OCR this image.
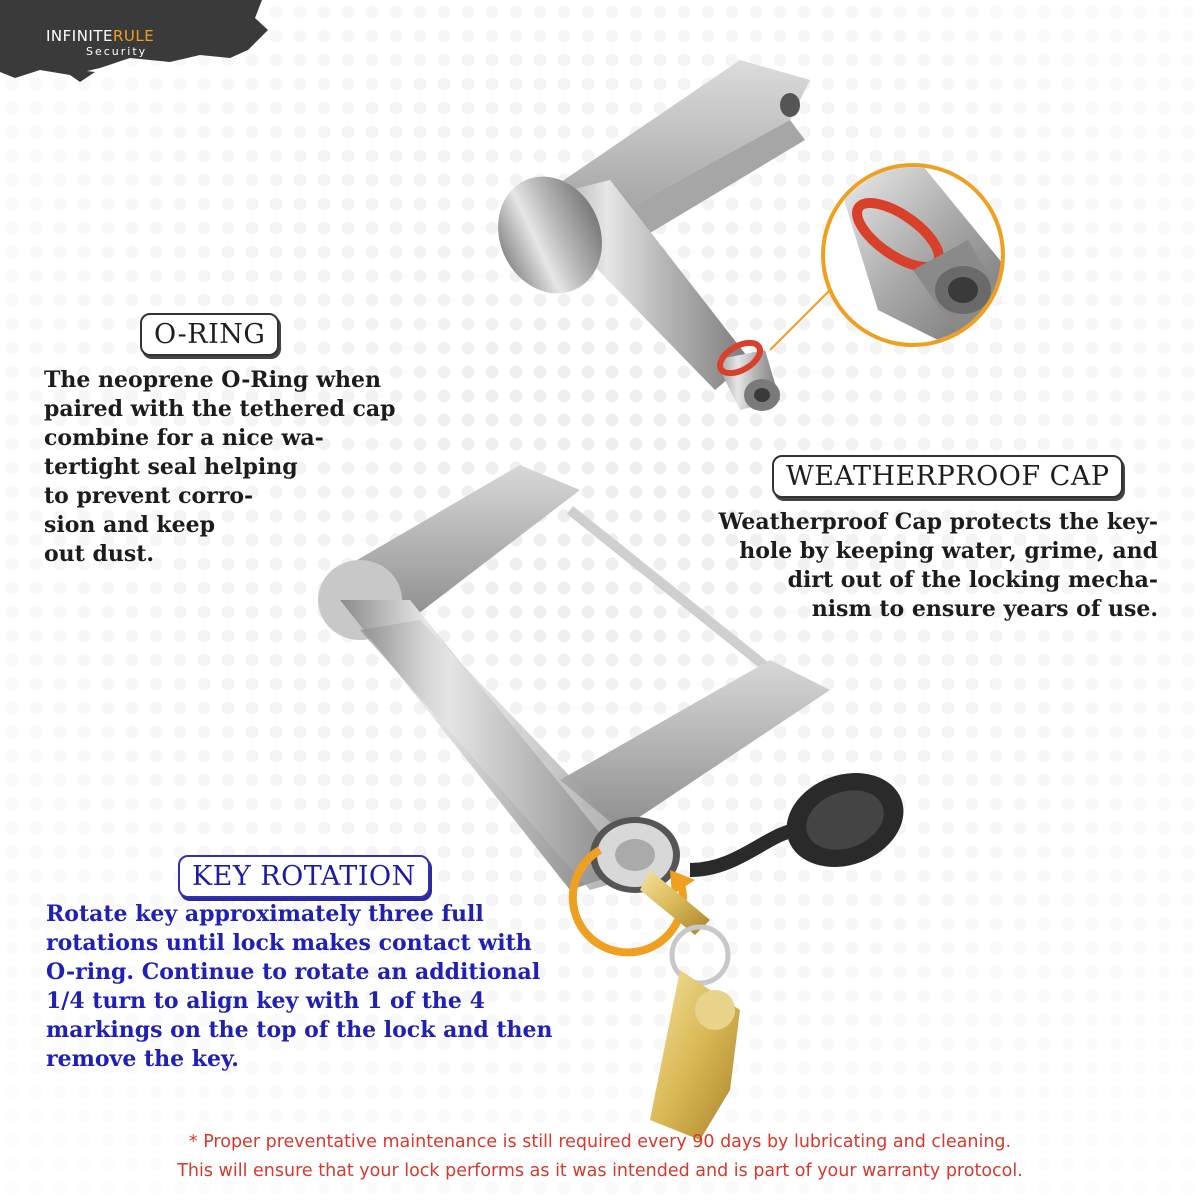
INFINITERULE
Security
O-RING
The neoprene O-Ring when
paired with the tethered cap
combine for a nice wa-
tertight seal helping
to prevent corro-
sion and keep
out dust.
WEATHERPROOF CAP
Weatherproof Cap protects the key-
hole by keeping water, grime, and
dirt out of the locking mecha-
nism to ensure years of use.
KEY ROTATION
Rotate key approximately three full
rotations until lock makes contact with
O-ring. Continue to rotate an additional
1/4 turn to align key with 1 of the 4
markings on the top of the lock and then
remove the key.
* Proper preventative maintenance is still required every 90 days by lubricating and cleaning.
This will ensure that your lock performs as it was intended and is part of your warranty protocol.
